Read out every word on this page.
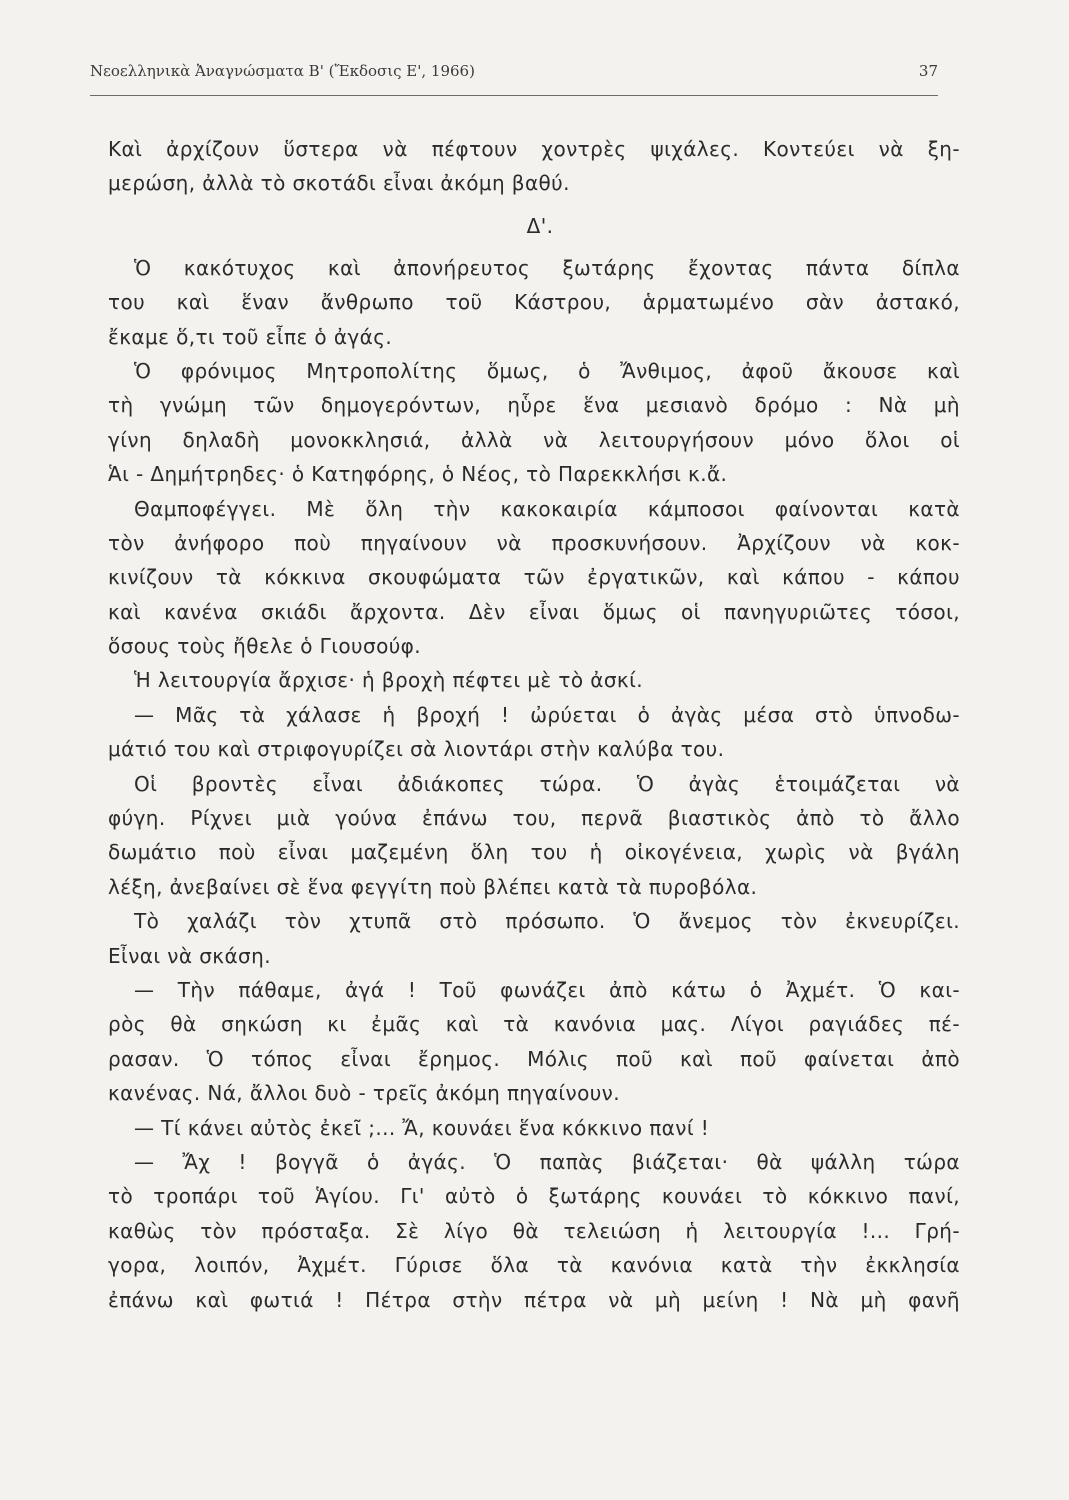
Νεοελληνικὰ Ἀναγνώσματα Β' (Ἔκδοσις Ε', 1966)	37
Καὶ ἀρχίζουν ὕστερα νὰ πέφτουν χοντρὲς ψιχάλες. Κοντεύει νὰ ξη-
μερώση, ἀλλὰ τὸ σκοτάδι εἶναι ἀκόμη βαθύ.
Δ'.
Ὁ κακότυχος καὶ ἀπονήρευτος ξωτάρης ἔχοντας πάντα δίπλα
του καὶ ἕναν ἄνθρωπο τοῦ Κάστρου, ἁρματωμένο σὰν ἀστακό,
ἔκαμε ὅ,τι τοῦ εἶπε ὁ ἀγάς.
Ὁ φρόνιμος Μητροπολίτης ὅμως, ὁ Ἄνθιμος, ἀφοῦ ἄκουσε καὶ
τὴ γνώμη τῶν δημογερόντων, ηὗρε ἕνα μεσιανὸ δρόμο : Νὰ μὴ
γίνη δηλαδὴ μονοκκλησιά, ἀλλὰ νὰ λειτουργήσουν μόνο ὅλοι οἱ
Ἁι - Δημήτρηδες· ὁ Κατηφόρης, ὁ Νέος, τὸ Παρεκκλήσι κ.ἄ.
Θαμποφέγγει. Μὲ ὅλη τὴν κακοκαιρία κάμποσοι φαίνονται κατὰ
τὸν ἀνήφορο ποὺ πηγαίνουν νὰ προσκυνήσουν. Ἀρχίζουν νὰ κοκ-
κινίζουν τὰ κόκκινα σκουφώματα τῶν ἐργατικῶν, καὶ κάπου - κάπου
καὶ κανένα σκιάδι ἄρχοντα. Δὲν εἶναι ὅμως οἱ πανηγυριῶτες τόσοι,
ὅσους τοὺς ἤθελε ὁ Γιουσούφ.
Ἡ λειτουργία ἄρχισε· ἡ βροχὴ πέφτει μὲ τὸ ἀσκί.
— Μᾶς τὰ χάλασε ἡ βροχή ! ὠρύεται ὁ ἀγὰς μέσα στὸ ὑπνοδω-
μάτιό του καὶ στριφογυρίζει σὰ λιοντάρι στὴν καλύβα του.
Οἱ βροντὲς εἶναι ἀδιάκοπες τώρα. Ὁ ἀγὰς ἑτοιμάζεται νὰ
φύγη. Ρίχνει μιὰ γούνα ἐπάνω του, περνᾶ βιαστικὸς ἀπὸ τὸ ἄλλο
δωμάτιο ποὺ εἶναι μαζεμένη ὅλη του ἡ οἰκογένεια, χωρὶς νὰ βγάλη
λέξη, ἀνεβαίνει σὲ ἕνα φεγγίτη ποὺ βλέπει κατὰ τὰ πυροβόλα.
Τὸ χαλάζι τὸν χτυπᾶ στὸ πρόσωπο. Ὁ ἄνεμος τὸν ἐκνευρίζει.
Εἶναι νὰ σκάση.
— Τὴν πάθαμε, ἀγά ! Τοῦ φωνάζει ἀπὸ κάτω ὁ Ἀχμέτ. Ὁ και-
ρὸς θὰ σηκώση κι ἐμᾶς καὶ τὰ κανόνια μας. Λίγοι ραγιάδες πέ-
ρασαν. Ὁ τόπος εἶναι ἔρημος. Μόλις ποῦ καὶ ποῦ φαίνεται ἀπὸ
κανένας. Νά, ἄλλοι δυὸ - τρεῖς ἀκόμη πηγαίνουν.
— Τί κάνει αὐτὸς ἐκεῖ ;... Ἄ, κουνάει ἕνα κόκκινο πανί !
— Ἄχ ! βογγᾶ ὁ ἀγάς. Ὁ παπὰς βιάζεται· θὰ ψάλλη τώρα
τὸ τροπάρι τοῦ Ἁγίου. Γι' αὐτὸ ὁ ξωτάρης κουνάει τὸ κόκκινο πανί,
καθὼς τὸν πρόσταξα. Σὲ λίγο θὰ τελειώση ἡ λειτουργία !... Γρή-
γορα, λοιπόν, Ἀχμέτ. Γύρισε ὅλα τὰ κανόνια κατὰ τὴν ἐκκλησία
ἐπάνω καὶ φωτιά ! Πέτρα στὴν πέτρα νὰ μὴ μείνη ! Νὰ μὴ φανῆ
